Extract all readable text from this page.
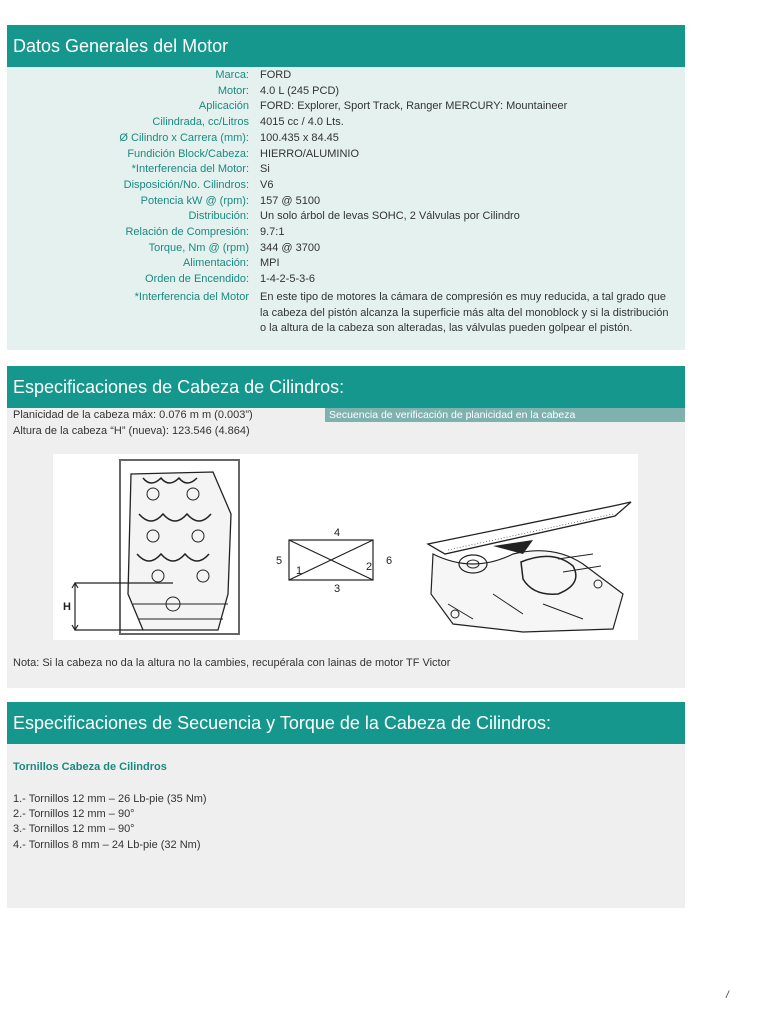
Datos Generales del Motor
Marca: FORD
Motor: 4.0 L (245 PCD)
Aplicación FORD: Explorer, Sport Track, Ranger MERCURY: Mountaineer
Cilindrada, cc/Litros 4015 cc / 4.0 Lts.
Ø Cilindro x Carrera (mm): 100.435 x 84.45
Fundición Block/Cabeza: HIERRO/ALUMINIO
*Interferencia del Motor: Si
Disposición/No. Cilindros: V6
Potencia kW @ (rpm): 157 @ 5100
Distribución: Un solo árbol de levas SOHC, 2 Válvulas por Cilindro
Relación de Compresión: 9.7:1
Torque, Nm @ (rpm) 344 @ 3700
Alimentación: MPI
Orden de Encendido: 1-4-2-5-3-6
*Interferencia del Motor En este tipo de motores la cámara de compresión es muy reducida, a tal grado que la cabeza del pistón alcanza la superficie más alta del monoblock y si la distribución o la altura de la cabeza son alteradas, las válvulas pueden golpear el pistón.
Especificaciones de Cabeza de Cilindros:
Planicidad de la cabeza máx: 0.076 m m (0.003”)
Altura de la cabeza “H” (nueva): 123.546 (4.864)
Secuencia de verificación de planicidad en la cabeza
H
4
5
1	2 6
3
Nota: Si la cabeza no da la altura no la cambies, recupérala con lainas de motor TF Victor
Especificaciones de Secuencia y Torque de la Cabeza de Cilindros:
Tornillos Cabeza de Cilindros
1.- Tornillos 12 mm – 26 Lb-pie (35 Nm)
2.- Tornillos 12 mm – 90°
3.- Tornillos 12 mm – 90°
4.- Tornillos 8 mm – 24 Lb-pie (32 Nm)
/
